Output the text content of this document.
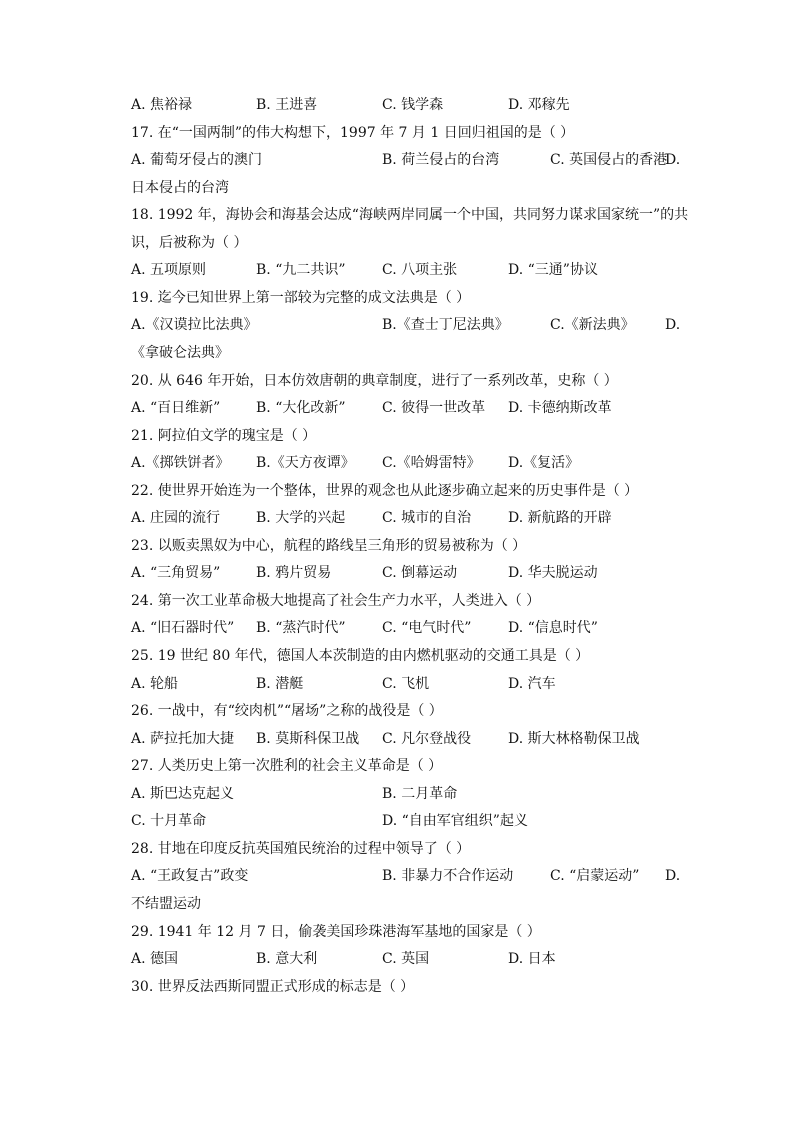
A. 焦裕禄	B. 王进喜	C. 钱学森	D. 邓稼先
17. 在“一国两制”的伟大构想下，1997 年 7 月 1 日回归祖国的是（ ）
A. 葡萄牙侵占的澳门	B. 荷兰侵占的台湾	C. 英国侵占的香港
D.
日本侵占的台湾
18. 1992 年，海协会和海基会达成“海峡两岸同属一个中国，共同努力谋求国家统一”的共
识，后被称为（ ）
A. 五项原则	B. “九二共识”	C. 八项主张	D. “三通”协议
19. 迄今已知世界上第一部较为完整的成文法典是（ ）
A.《汉谟拉比法典》	B.《查士丁尼法典》	C.《新法典》 D.
《拿破仑法典》
20. 从 646 年开始，日本仿效唐朝的典章制度，进行了一系列改革，史称（ ）
A. “百日维新”	B. “大化改新”	C. 彼得一世改革 D. 卡德纳斯改革
21. 阿拉伯文学的瑰宝是（ ）
A.《掷铁饼者》 B.《天方夜谭》 C.《哈姆雷特》 D.《复活》
22. 使世界开始连为一个整体，世界的观念也从此逐步确立起来的历史事件是（ ）
A. 庄园的流行	B. 大学的兴起	C. 城市的自治	D. 新航路的开辟
23. 以贩卖黑奴为中心，航程的路线呈三角形的贸易被称为（ ）
A. “三角贸易”	B. 鸦片贸易	C. 倒幕运动	D. 华夫脱运动
24. 第一次工业革命极大地提高了社会生产力水平，人类进入（ ）
A. “旧石器时代” B. “蒸汽时代”	C. “电气时代”	D. “信息时代”
25. 19 世纪 80 年代，德国人本茨制造的由内燃机驱动的交通工具是（ ）
A. 轮船	B. 潜艇	C. 飞机	D. 汽车
26. 一战中，有“绞肉机”“屠场”之称的战役是（ ）
A. 萨拉托加大捷 B. 莫斯科保卫战 C. 凡尔登战役	D. 斯大林格勒保卫战
27. 人类历史上第一次胜利的社会主义革命是（ ）
A. 斯巴达克起义	B. 二月革命
C. 十月革命	D. “自由军官组织”起义
28. 甘地在印度反抗英国殖民统治的过程中领导了（ ）
A. “王政复古”政变	B. 非暴力不合作运动	C. “启蒙运动” D.
不结盟运动
29. 1941 年 12 月 7 日，偷袭美国珍珠港海军基地的国家是（ ）
A. 德国	B. 意大利	C. 英国	D. 日本
30. 世界反法西斯同盟正式形成的标志是（ ）
